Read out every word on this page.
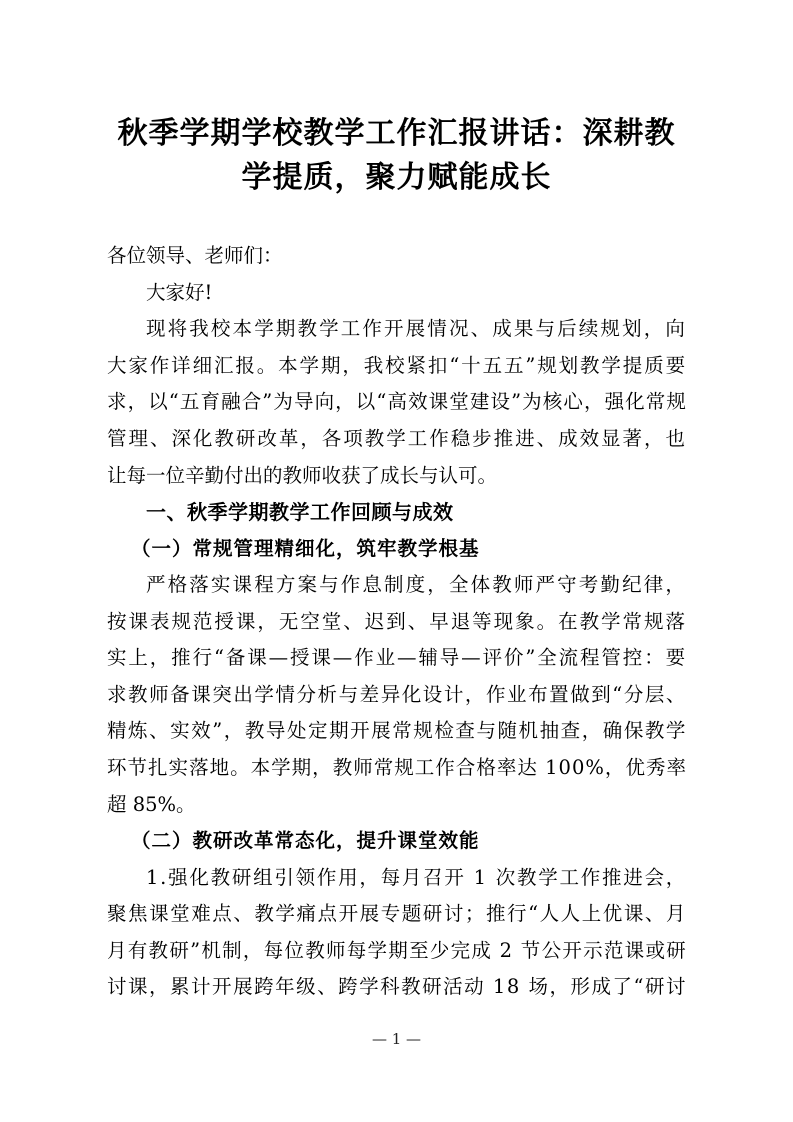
秋季学期学校教学工作汇报讲话：深耕教
学提质，聚力赋能成长
各位领导、老师们：
大家好!
现将我校本学期教学工作开展情况、成果与后续规划，向
大家作详细汇报。本学期，我校紧扣“十五五”规划教学提质要
求，以“五育融合”为导向，以“高效课堂建设”为核心，强化常规
管理、深化教研改革，各项教学工作稳步推进、成效显著，也
让每一位辛勤付出的教师收获了成长与认可。
一、秋季学期教学工作回顾与成效
（一）常规管理精细化，筑牢教学根基
严格落实课程方案与作息制度，全体教师严守考勤纪律，
按课表规范授课，无空堂、迟到、早退等现象。在教学常规落
实上，推行“备课—授课—作业—辅导—评价”全流程管控：要
求教师备课突出学情分析与差异化设计，作业布置做到“分层、
精炼、实效”，教导处定期开展常规检查与随机抽查，确保教学
环节扎实落地。本学期，教师常规工作合格率达 100%，优秀率
超 85%。
（二）教研改革常态化，提升课堂效能
1.强化教研组引领作用，每月召开 1 次教学工作推进会，
聚焦课堂难点、教学痛点开展专题研讨；推行“人人上优课、月
月有教研”机制，每位教师每学期至少完成 2 节公开示范课或研
讨课，累计开展跨年级、跨学科教研活动 18 场，形成了“研讨
— 1 —
